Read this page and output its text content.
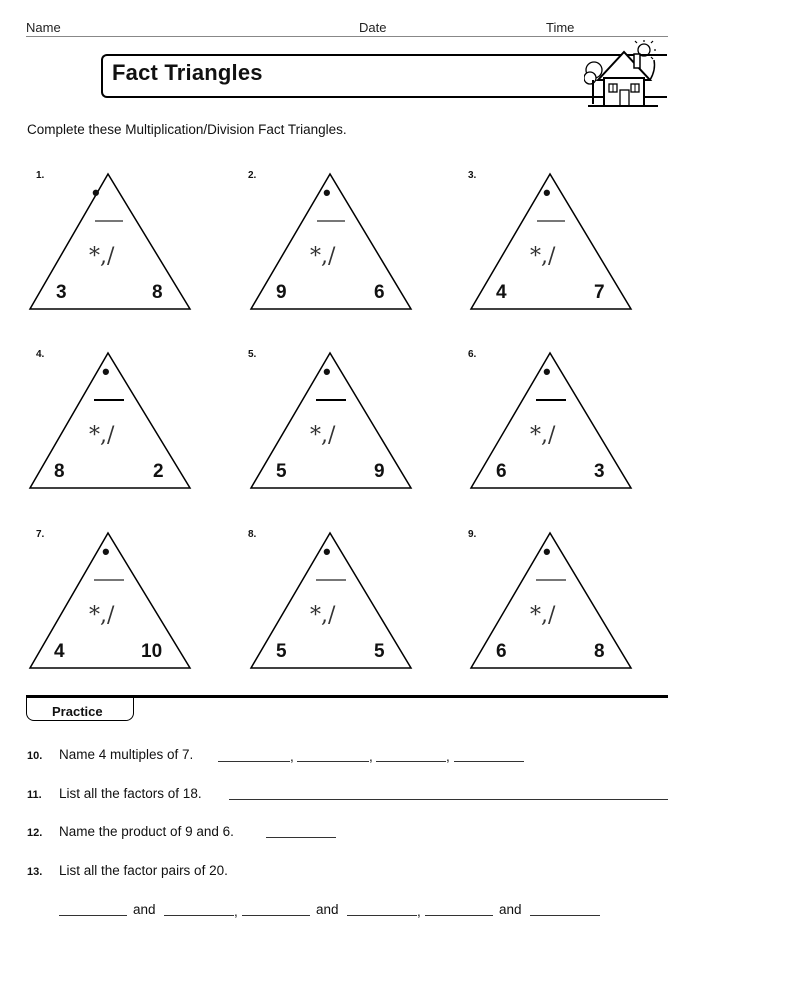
Name	Date	Time
Fact Triangles
Complete these Multiplication/Division Fact Triangles.
1.
•
*,/
3	8
2.
•
*,/
9	6
3.
•
*,/
4	7
4.
•
*,/
8	2
5.
•
*,/
5	9
6.
•
*,/
6	3
7.
•
*,/
4	10
8.
•
*,/
5	5
9.
•
*,/
6	8
Practice
10. Name 4 multiples of 7.	,	,	,
11. List all the factors of 18.
12. Name the product of 9 and 6.
13. List all the factor pairs of 20.
and	,	and	,	and
